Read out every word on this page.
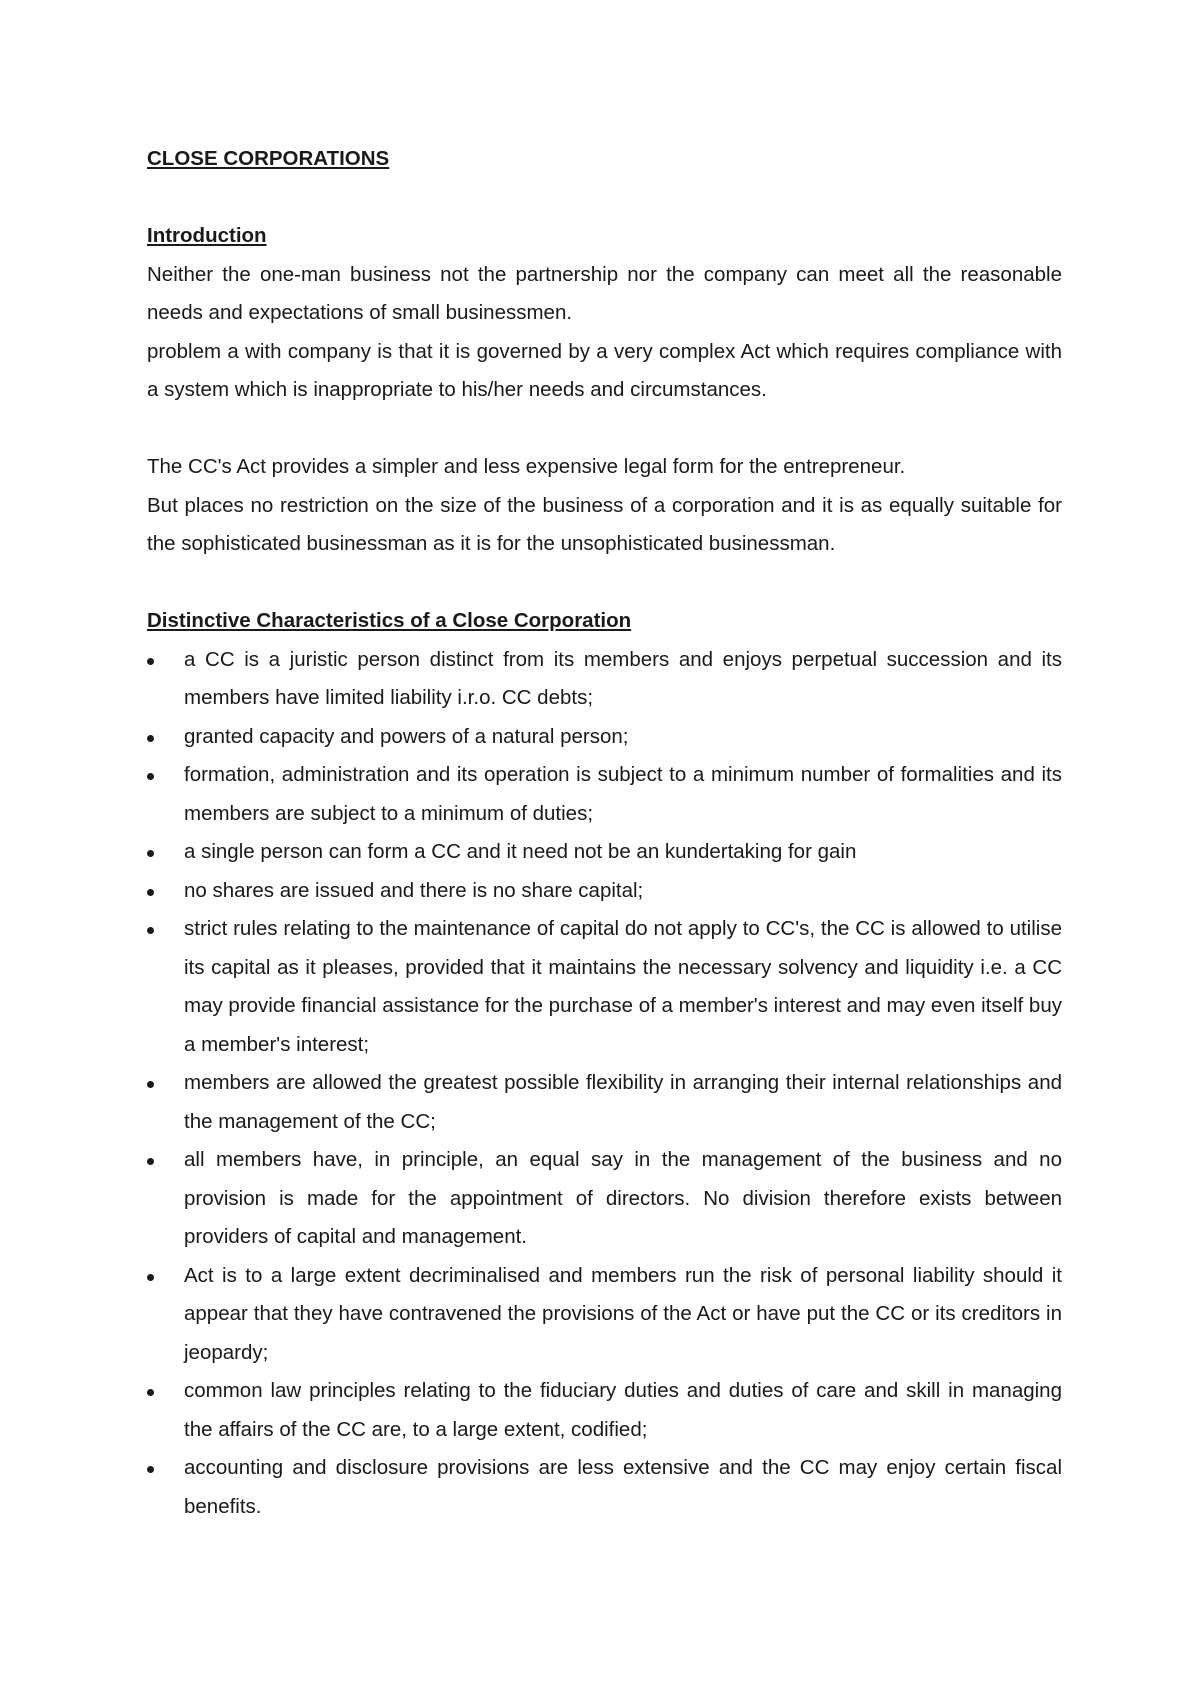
CLOSE CORPORATIONS
Introduction

Neither the one-man business not the partnership nor the company can meet all the reasonable needs and expectations of small businessmen.

problem a with company is that it is governed by a very complex Act which requires compliance with a system which is inappropriate to his/her needs and circumstances.

The CC's Act provides a simpler and less expensive legal form for the entrepreneur.

But places no restriction on the size of the business of a corporation and it is as equally suitable for the sophisticated businessman as it is for the unsophisticated businessman.

Distinctive Characteristics of a Close Corporation
a CC is a juristic person distinct from its members and enjoys perpetual succession and its members have limited liability i.r.o. CC debts;
granted capacity and powers of a natural person;
formation, administration and its operation is subject to a minimum number of formalities and its members are subject to a minimum of duties;
a single person can form a CC and it need not be an kundertaking for gain
no shares are issued and there is no share capital;
strict rules relating to the maintenance of capital do not apply to CC's, the CC is allowed to utilise its capital as it pleases, provided that it maintains the necessary solvency and liquidity i.e. a CC may provide financial assistance for the purchase of a member's interest and may even itself buy a member's interest;
members are allowed the greatest possible flexibility in arranging their internal relationships and the management of the CC;
all members have, in principle, an equal say in the management of the business and no provision is made for the appointment of directors. No division therefore exists between providers of capital and management.
Act is to a large extent decriminalised and members run the risk of personal liability should it appear that they have contravened the provisions of the Act or have put the CC or its creditors in jeopardy;
common law principles relating to the fiduciary duties and duties of care and skill in managing the affairs of the CC are, to a large extent, codified;
accounting and disclosure provisions are less extensive and the CC may enjoy certain fiscal benefits.
